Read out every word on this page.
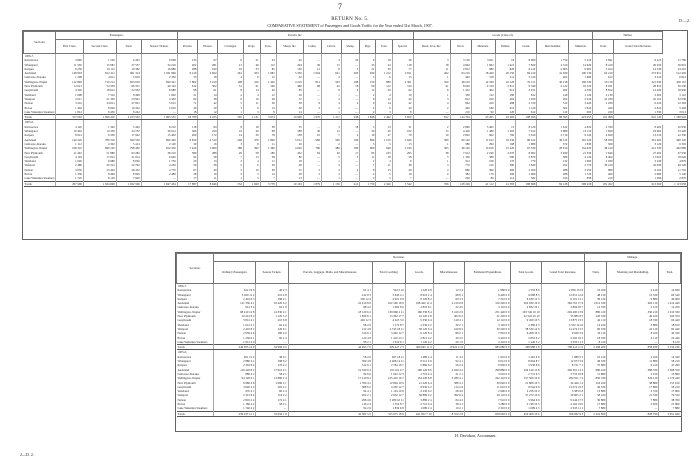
7
D.—2.
RETURN No. 5.
COMPARATIVE STATEMENT of Passengers and Goods Traffic for the Year ended 31st March, 1907.
Sections.	Passengers.				Parcels, &c.												Goods (Class of).							Timber.		
	First Class.	Second Class.	Total.	Season Tickets.	Parcels.	Horses.	Carriages.	Dogs.	Tons.	Sheep, &c.	Cattle.	Calves.	Sheep.	Pigs.	Tons.	Special.	Dead, Live, &c.	Wool.	Minerals.	Timber.	Grain.	Merchandise.	Minerals.	Total.	Grand Total Revenue.	
1906-7.																										
Kaiwarawa	4 895	1 530	6 425	9 008	133	97	9	21	43	62	—	4	20	6	18	36	3	3 150	3 811	18	8 900	1 750	5 210	2 841	9 125	11 780
Whangarei	11 556	15 981	27 537	34 216	402	281	21	46	112	204	36	15	—	33	44	118	18	4 902	1 602	1 421	7 820	4 310	14 620	8 410	20 450	36 610
Kaipara	9 250	10 112	19 362	16 880	288	190	16	33	85	150	12	8	3	21	30	77	11	2 812	980	820	6 110	2 903	9 981	5 012	14 330	24 210
Auckland	148 903	812 411	961 314	1 031 806	9 210	4 822	261	503	1 981	5 330	1 004	621	203	940	1 212	2 811	402	63 210	18 420	20 150	84 210	41 020	190 130	62 210	272 811	512 402
Gisborne–Karaka	1 208	4 611	5 819	2 330	33	18	4	9	12	22	—	2	—	3	6	15	1	402	318	211	2 120	402	1 980	612	3 410	6 812
Wellington–Napier	112 806	710 212	823 018	840 321	7 802	3 210	198	410	1 420	4 210	812	503	188	720	980	2 301	320	48 210	14 330	16 120	70 112	30 218	160 330	50 110	221 030	420 110
New Plymouth	12 021	54 330	66 351	40 102	612	302	31	61	190	480	98	42	18	90	112	310	41	8 020	2 310	2 811	9 340	4 122	22 310	8 031	28 810	50 230
Greymouth	4 320	18 612	22 932	6 980	98	61	8	14	40	85	—	6	4	12	20	62	6	1 412	402	612	3 011	402	4 330	8 812	12 420	18 930
Westland	1 098	7 310	8 408	1 820	21	14	2	4	12	20	—	1	—	2	4	10	1	330	112	180	812	140	1 120	2 130	3 402	5 110
Westport	2 611	21 330	23 941	4 450	62	38	6	10	28	51	—	4	—	8	12	40	3	812	220	402	1 930	202	2 910	41 230	45 110	52 030
Nelson	3 210	24 611	27 821	5 012	71	42	5	11	30	58	6	4	2	9	14	42	4	902	410	488	2 310	512	3 420	1 030	6 410	12 302
Picton	1 402	8 920	10 322	2 610	30	20	3	6	15	30	2	2	—	4	6	20	2	402	180	210	1 120	302	1 810	420	2 812	5 402
Lake Wakatipu Steamers	1 812	6 430	8 242	—	18	12	1	3	8	14	—	1	—	2	3	8	—	210	90	120	612	110	902	220	1 330	3 012
Totals	317 092	1 696 410	2 013 502	1 995 535	18 780	9 105	565	1 131	3 974	10 696	1 970	1 211	438	1 848	2 462	5 850	812	134 794	43 205	43 483	198 656	86 393	419 053	191 068	641 140	1 168 942
1905-6.																										
Kaiwarawa	4 120	1 302	5 422	8 210	118	84	8	18	38	55	—	3	18	5	15	31	2	2 890	3 402	15	8 120	1 612	4 810	2 530	8 402	10 930
Whangarei	10 402	14 330	24 732	30 912	366	250	19	40	98	188	30	12	—	30	40	102	15	4 420	1 480	1 302	7 012	3 980	13 110	7 820	18 902	33 420
Kaipara	8 612	9 330	17 942	15 402	260	172	14	30	78	138	10	7	2	19	27	70	10	2 602	902	760	5 610	2 710	9 120	4 620	13 210	22 330
Auckland	140 220	780 310	920 530	990 420	8 810	4 510	248	470	1 890	5 012	960	590	190	890	1 150	2 640	380	60 120	17 612	19 330	80 412	39 110	181 220	58 930	261 402	490 120
Gisborne–Karaka	1 112	4 302	5 414	2 120	30	16	3	8	11	20	—	2	—	3	5	13	1	380	290	198	1 980	372	1 830	560	3 120	6 302
Wellington–Napier	108 310	690 120	798 430	812 330	7 420	3 060	188	392	1 360	4 020	780	480	180	690	940	2 190	305	46 120	13 810	15 420	67 330	28 910	154 020	48 120	212 330	402 880
New Plymouth	11 402	51 880	63 282	38 210	580	288	29	58	180	452	92	40	17	85	105	295	38	7 612	2 190	2 670	8 902	3 930	21 330	7 640	27 402	47 930
Greymouth	4 102	17 812	21 914	6 620	92	58	7	13	38	80	—	5	3	11	18	58	5	1 330	380	580	2 870	380	4 120	8 402	11 910	18 020
Westland	1 040	6 980	8 020	1 730	20	13	2	4	11	18	—	1	—	2	4	9	1	312	106	170	770	132	1 060	2 030	3 240	4 870
Westport	2 480	20 312	22 792	4 230	59	36	5	9	26	48	—	4	—	7	11	38	3	770	210	380	1 840	192	2 770	39 210	42 930	49 520
Nelson	3 050	23 402	26 452	4 770	67	40	5	10	28	55	5	4	2	8	13	40	4	860	390	460	2 200	488	3 250	980	6 102	11 702
Picton	1 330	8 490	9 820	2 480	28	19	3	5	14	28	2	2	—	4	5	19	2	382	170	200	1 060	288	1 720	400	2 680	5 140
Lake Wakatipu Steamers	1 720	6 120	7 840	—	17	11	1	3	7	13	—	1	—	2	3	7	—	200	86	114	582	104	858	210	1 266	2 870
Totals	297 900	1 634 690	1 932 590	1 947 434	17 887	8 646	532	1 060	3 779	10 163	1 879	1 156	412	1 756	2 340	5 542	766	128 196	41 112	41 383	188 698	82 128	399 018	181 452	613 000	1 113 658
Sections.	Revenue.									Mileage.		
	Ordinary Passengers.	Season Tickets.	Parcels, Luggage, Mails, and Miscellaneous.	Total Coaching.	Goods.	Miscellaneous.	Estimated Expenditure.	Total Goods.	Grand Total Revenue.	Train.	Shunting and Marshalling.	Total.
1906-7.												
Kaiwarawa	422 19 6	40 2 3	61 4 1	524 5 10	1 520 4 8	12 3 4	1 980 0 0	1 532 8 0	2 056 13 10	10 420	4 410	14 830
Whangarei	3 020 11 2	210 4 8	412 8 3	3 643 4 1	8 910 2 4	98 6 1	9 420 0 0	9 008 8 5	12 651 12 6	48 210	12 330	60 540
Kaipara	2 410 6 3	180 2 1	330 12 4	2 921 0 8	6 120 8 2	60 4 3	7 210 0 0	6 180 12 5	9 101 13 1	39 120	9 880	49 000
Auckland	121 330 4 1	18 420 6 2	22 410 8 6	162 160 18 9	198 420 12 4	4 210 6 8	310 220 0 0	202 630 19 0	364 791 17 9	1 012 330	402 110	1 414 440
Gisborne–Karaka	912 3 4	62 1 0	88 4 2	1 062 8 6	2 810 6 1	22 4 0	3 110 0 0	2 832 10 1	3 894 18 7	12 330	2 120	14 450
Wellington–Napier	98 210 12 8	14 330 4 1	18 120 6 2	130 660 2 11	160 330 8 4	3 410 2 6	251 420 0 0	163 740 10 10	294 400 13 9	880 120	330 210	1 210 330
New Plymouth	10 412 8 4	1 120 3 2	1 830 6 1	13 362 17 7	22 120 4 8	402 6 2	31 220 0 0	22 522 10 10	35 885 8 5	120 330	40 220	160 550
Greymouth	3 812 4 1	210 6 8	402 12 3	4 425 3 0	9 330 6 4	120 4 1	12 110 0 0	9 450 10 5	13 875 13 5	42 110	18 330	60 440
Westland	1 012 2 1	62 4 0	98 2 6	1 172 8 7	2 330 4 2	30 2 1	3 120 0 0	2 360 6 3	3 532 14 10	14 220	3 880	18 100
Westport	2 410 8 2	120 6 1	212 4 8	2 743 18 11	38 120 6 4	410 8 2	30 220 0 0	38 530 14 6	41 274 13 5	60 330	22 110	82 440
Nelson	2 930 4 6	180 2 0	310 6 1	3 420 12 7	6 120 8 4	88 2 1	7 810 0 0	6 208 10 5	9 629 3 0	32 110	8 220	40 330
Picton	1 230 6 1	60 2 4	120 4 8	1 410 13 1	2 812 4 2	40 2 0	3 410 0 0	2 852 6 2	4 262 19 3	18 330	4 110	22 440
Lake Wakatipu Steamers	1 812 4 0	—	98 2 1	1 910 6 1	1 120 4 2	20 1 0	2 410 0 0	1 140 5 2	3 050 11 3	8 120	—	8 120
Totals	249 935 14 9	34 996 0 6	44 495 7 0	329 427 2 3	460 065 11 0	8 922 11 8	683 680 0 0	468 988 2 8	798 415 4 11	2 298 200	858 030	3 156 230
1905-6.												
Kaiwarawa	401 12 4	38 4 1	58 2 6	497 18 11	1 480 2 4	11 4 2	1 910 0 0	1 491 6 6	1 989 5 5	10 120	4 220	14 340
Whangarei	2 880 4 1	198 6 2	390 4 8	3 468 14 11	8 512 4 6	92 4 1	9 012 0 0	8 604 8 7	12 073 3 6	46 330	11 880	58 210
Kaipara	2 302 8 4	170 4 2	312 6 1	2 784 18 7	5 880 6 2	56 2 4	6 930 0 0	5 936 8 6	8 721 7 1	37 880	9 410	47 290
Auckland	116 220 8 2	17 610 4 1	21 330 6 4	155 161 0 7	190 120 8 6	4 020 4 2	298 880 0 0	194 140 12 8	349 301 13 3	980 220	388 330	1 368 550
Gisborne–Karaka	880 4 2	58 2 1	84 6 0	1 022 12 3	2 710 4 4	21 2 1	3 010 0 0	2 731 6 5	3 753 18 8	11 880	2 010	13 890
Wellington–Napier	94 120 6 1	13 880 2 4	17 410 8 2	125 410 16 7	154 220 6 8	3 280 4 1	242 110 0 0	157 500 10 9	282 911 7 4	850 330	320 110	1 170 440
New Plymouth	9 980 4 6	1 080 2 1	1 760 4 2	12 820 10 9	21 220 6 4	388 4 1	30 020 0 0	21 608 10 5	34 429 1 2	116 220	38 880	155 100
Greymouth	3 640 2 4	202 4 1	388 6 2	4 230 12 7	8 930 4 2	114 2 6	11 610 0 0	9 044 6 8	13 274 19 3	40 330	17 880	58 210
Westland	970 4 1	60 2 4	94 4 1	1 124 10 6	2 230 6 2	28 4 0	2 990 0 0	2 258 10 2	3 383 0 8	13 880	3 720	17 600
Westport	2 312 6 4	116 4 2	204 2 1	2 632 12 7	36 880 4 2	392 6 4	29 110 0 0	37 272 10 6	39 905 3 1	58 220	21 330	79 550
Nelson	2 810 2 4	172 4 1	298 4 6	3 280 10 11	5 880 2 4	84 4 2	7 510 0 0	5 964 6 6	9 244 17 5	30 880	7 880	38 760
Picton	1 180 4 2	58 2 1	116 2 4	1 354 8 7	2 710 6 4	38 4 1	3 280 0 0	2 748 10 5	4 102 19 0	17 880	3 920	21 800
Lake Wakatipu Steamers	1 740 4 2	—	94 2 6	1 834 6 8	1 080 2 4	19 2 1	2 310 0 0	1 099 4 5	2 933 11 1	7 880	—	7 880
Totals	239 437 12 1	33 656 1 8	42 581 5 0	315 675 18 9	441 852 7 10	8 554 2 8	658 692 0 0	450 406 10 6	766 082 9 3	2 222 850	828 790	3 051 640
H. Davidson, Accountant.
2—D. 2.
